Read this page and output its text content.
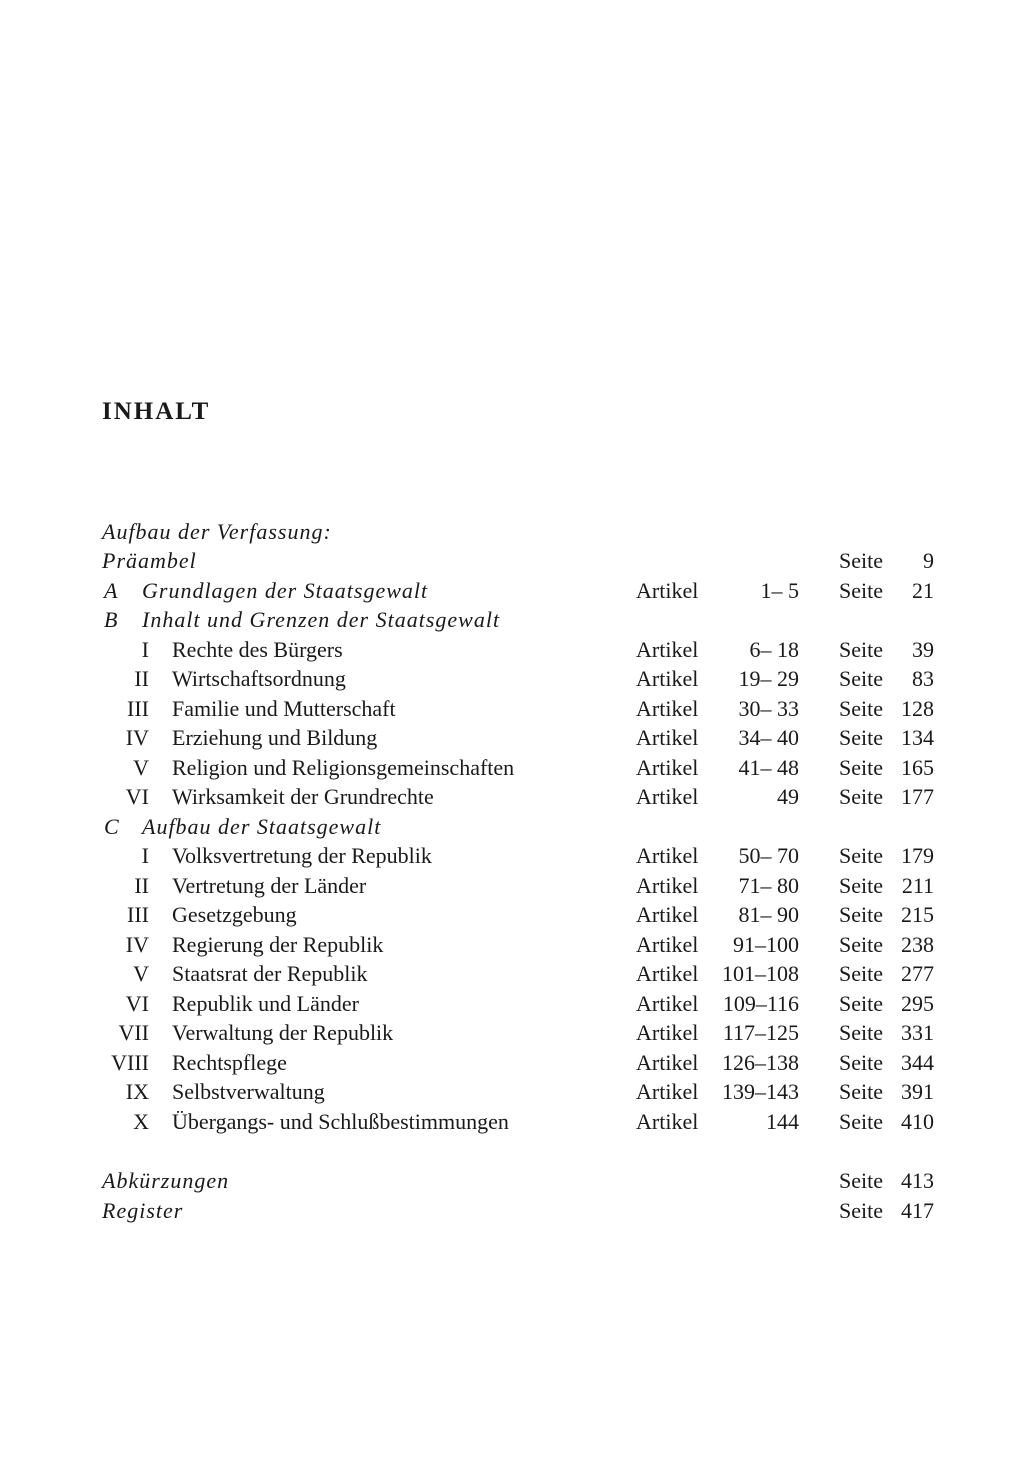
INHALT
Aufbau der Verfassung:
Präambel	Seite 9
A Grundlagen der Staatsgewalt	Artikel	1– 5 Seite 21
B Inhalt und Grenzen der Staatsgewalt
I Rechte des Bürgers	Artikel 6– 18 Seite 39
II Wirtschaftsordnung	Artikel 19– 29 Seite 83
III Familie und Mutterschaft	Artikel 30– 33 Seite 128
IV Erziehung und Bildung	Artikel 34– 40 Seite 134
V Religion und Religionsgemeinschaften	Artikel 41– 48 Seite 165
VI Wirksamkeit der Grundrechte	Artikel	49 Seite 177
C Aufbau der Staatsgewalt
I Volksvertretung der Republik	Artikel 50– 70 Seite 179
II Vertretung der Länder	Artikel 71– 80 Seite 211
III Gesetzgebung	Artikel 81– 90 Seite 215
IV Regierung der Republik	Artikel 91–100 Seite 238
V Staatsrat der Republik	Artikel 101–108 Seite 277
VI Republik und Länder	Artikel 109–116 Seite 295
VII Verwaltung der Republik	Artikel 117–125 Seite 331
VIII Rechtspflege	Artikel 126–138 Seite 344
IX Selbstverwaltung	Artikel 139–143 Seite 391
X Übergangs- und Schlußbestimmungen	Artikel	144 Seite 410
Abkürzungen	Seite 413
Register	Seite 417
